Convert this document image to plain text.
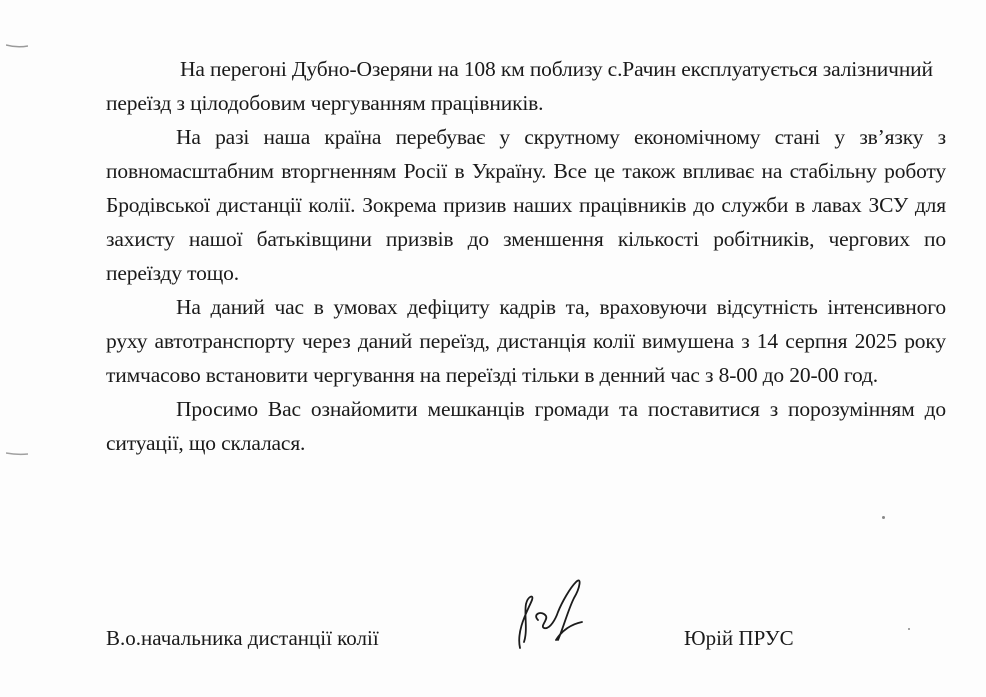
На перегоні Дубно-Озеряни на 108 км поблизу с.Рачин експлуатується залізничний переїзд з цілодобовим чергуванням працівників.

На разі наша країна перебуває у скрутному економічному стані у зв’язку з повномасштабним вторгненням Росії в Україну. Все це також впливає на стабільну роботу Бродівської дистанції колії. Зокрема призив наших працівників до служби в лавах ЗСУ для захисту нашої батьківщини призвів до зменшення кількості робітників, чергових по переїзду тощо.

На даний час в умовах дефіциту кадрів та, враховуючи відсутність інтенсивного руху автотранспорту через даний переїзд, дистанція колії вимушена з 14 серпня 2025 року тимчасово встановити чергування на переїзді тільки в денний час з 8-00 до 20-00 год.

Просимо Вас ознайомити мешканців громади та поставитися з порозумінням до ситуації, що склалася.

В.о.начальника дистанції колії	Юрій ПРУС
